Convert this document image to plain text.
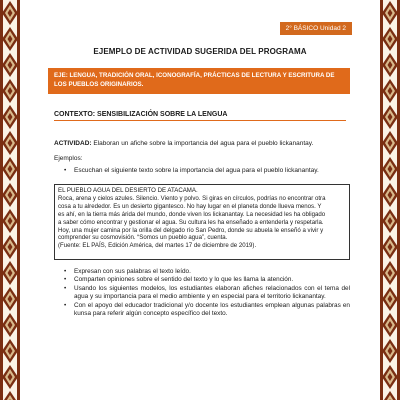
2° BÁSICO Unidad 2
EJEMPLO DE ACTIVIDAD SUGERIDA DEL PROGRAMA
EJE: LENGUA, TRADICIÓN ORAL, ICONOGRAFÍA, PRÁCTICAS DE LECTURA Y ESCRITURA DE LOS PUEBLOS ORIGINARIOS.
CONTEXTO: SENSIBILIZACIÓN SOBRE LA LENGUA
ACTIVIDAD: Elaboran un afiche sobre la importancia del agua para el pueblo lickanantay.
Ejemplos:
• Escuchan el siguiente texto sobre la importancia del agua para el pueblo lickanantay.

EL PUEBLO AGUA DEL DESIERTO DE ATACAMA.

Roca, arena y cielos azules. Silencio. Viento y polvo. Si giras en círculos, podrías no encontrar otra

cosa a tu alrededor. Es un desierto gigantesco. No hay lugar en el planeta donde llueva menos. Y

es ahí, en la tierra más árida del mundo, donde viven los lickanantay. La necesidad les ha obligado

a saber cómo encontrar y gestionar el agua. Su cultura les ha enseñado a entenderla y respetarla.

Hoy, una mujer camina por la orilla del delgado río San Pedro, donde su abuela le enseñó a vivir y

comprender su cosmovisión. “Somos un pueblo agua”, cuenta.

(Fuente: EL PAÍS, Edición América, del martes 17 de diciembre de 2019).

• Expresan con sus palabras el texto leído.
• Comparten opiniones sobre el sentido del texto y lo que les llama la atención.
• Usando los siguientes modelos, los estudiantes elaboran afiches relacionados con el tema del agua y su importancia para el medio ambiente y en especial para el territorio lickanantay.
• Con el apoyo del educador tradicional y/o docente los estudiantes emplean algunas palabras en kunsa para referir algún concepto específico del texto.
